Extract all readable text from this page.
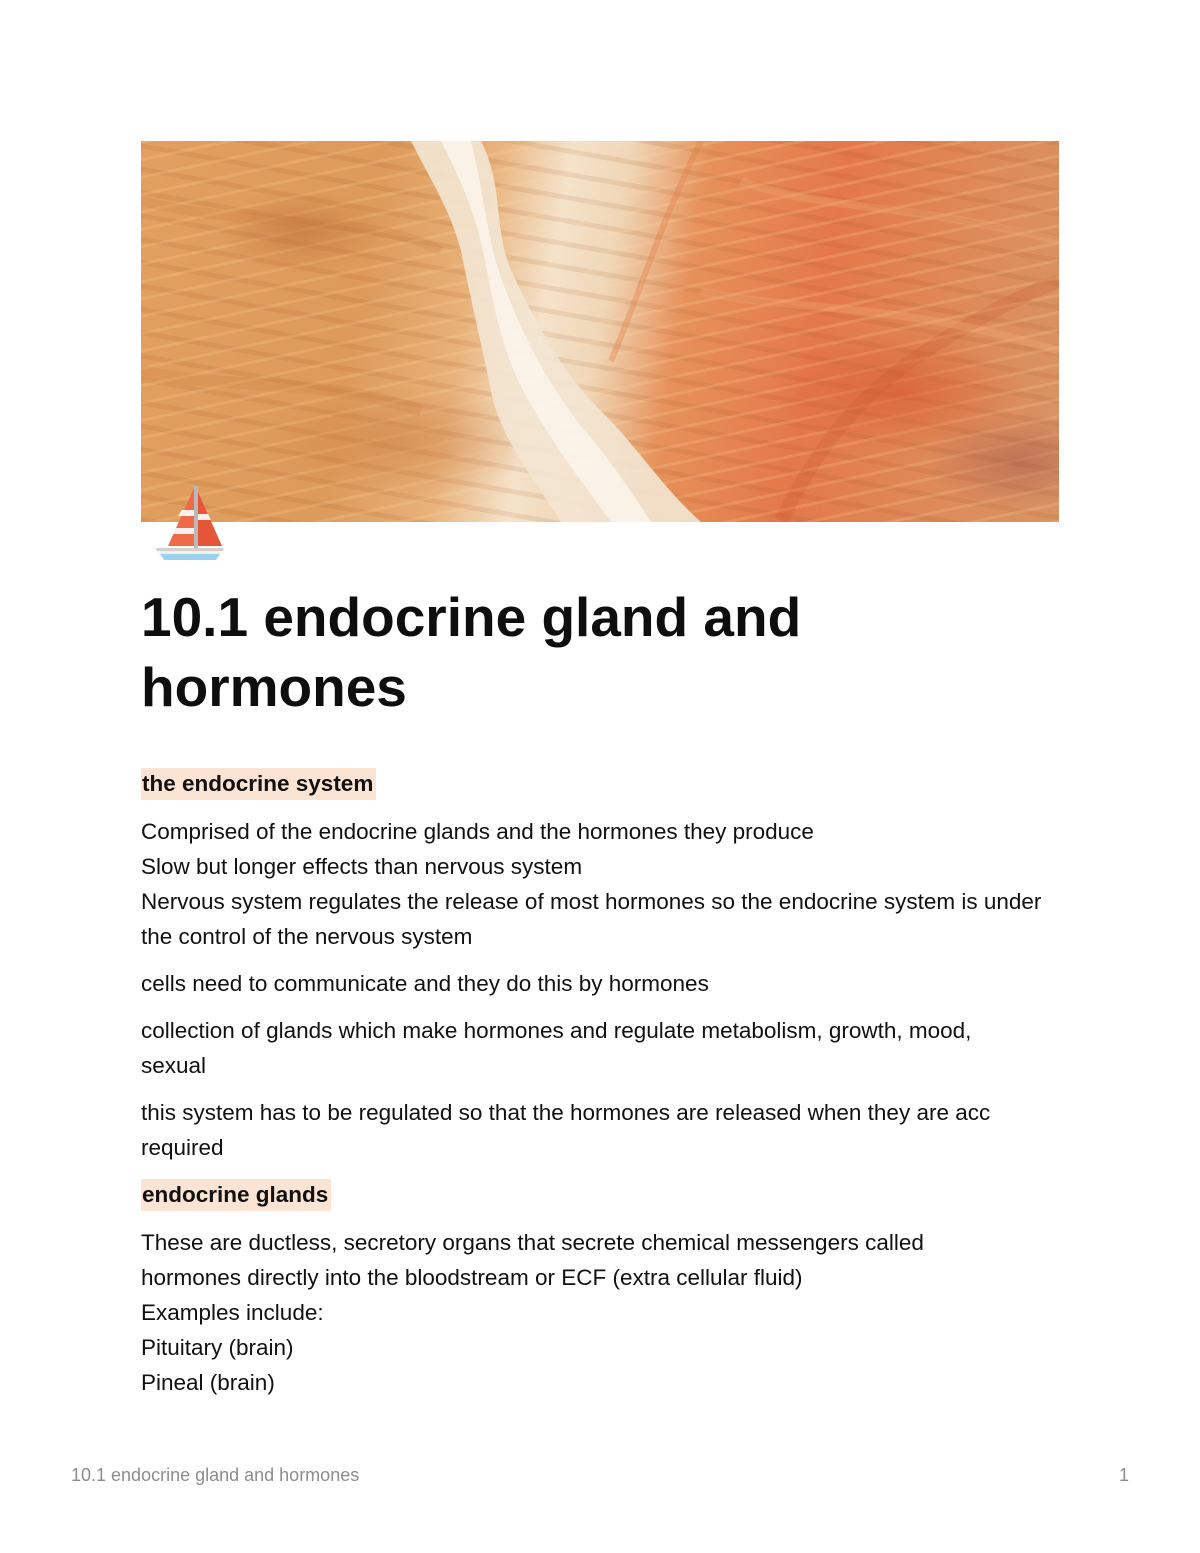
10.1 endocrine gland and hormones

the endocrine system

Comprised of the endocrine glands and the hormones they produce

Slow but longer effects than nervous system

Nervous system regulates the release of most hormones so the endocrine system is under the control of the nervous system

cells need to communicate and they do this by hormones

collection of glands which make hormones and regulate metabolism, growth, mood, sexual

this system has to be regulated so that the hormones are released when they are acc required

endocrine glands

These are ductless, secretory organs that secrete chemical messengers called hormones directly into the bloodstream or ECF (extra cellular fluid)

Examples include:

Pituitary (brain)

Pineal (brain)

10.1 endocrine gland and hormones	1
